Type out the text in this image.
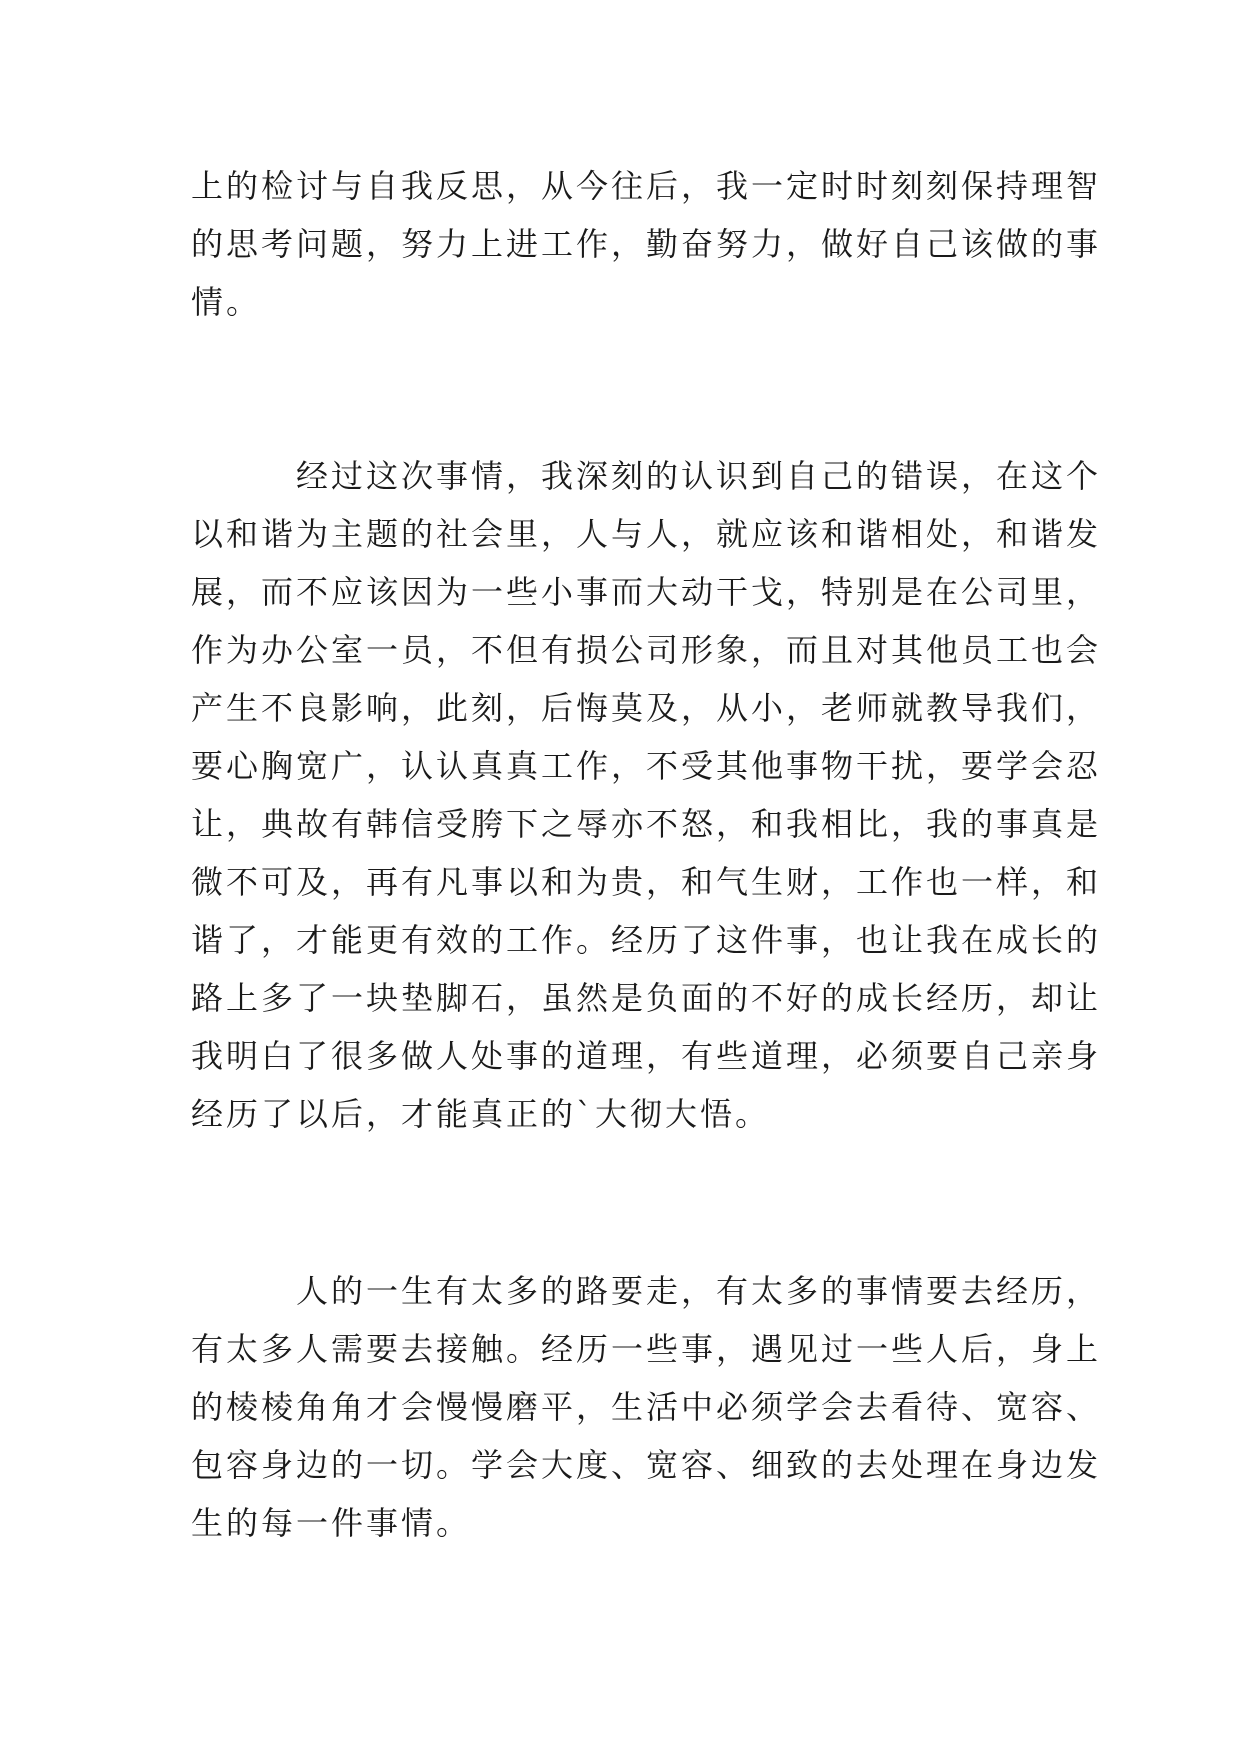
上的检讨与自我反思，从今往后，我一定时时刻刻保持理智
的思考问题，努力上进工作，勤奋努力，做好自己该做的事
情。
　　　经过这次事情，我深刻的认识到自己的错误，在这个
以和谐为主题的社会里，人与人，就应该和谐相处，和谐发
展，而不应该因为一些小事而大动干戈，特别是在公司里，
作为办公室一员，不但有损公司形象，而且对其他员工也会
产生不良影响，此刻，后悔莫及，从小，老师就教导我们，
要心胸宽广，认认真真工作，不受其他事物干扰，要学会忍
让，典故有韩信受胯下之辱亦不怒，和我相比，我的事真是
微不可及，再有凡事以和为贵，和气生财，工作也一样，和
谐了，才能更有效的工作。经历了这件事，也让我在成长的
路上多了一块垫脚石，虽然是负面的不好的成长经历，却让
我明白了很多做人处事的道理，有些道理，必须要自己亲身
经历了以后，才能真正的`大彻大悟。
　　　人的一生有太多的路要走，有太多的事情要去经历，
有太多人需要去接触。经历一些事，遇见过一些人后，身上
的棱棱角角才会慢慢磨平，生活中必须学会去看待、宽容、
包容身边的一切。学会大度、宽容、细致的去处理在身边发
生的每一件事情。
